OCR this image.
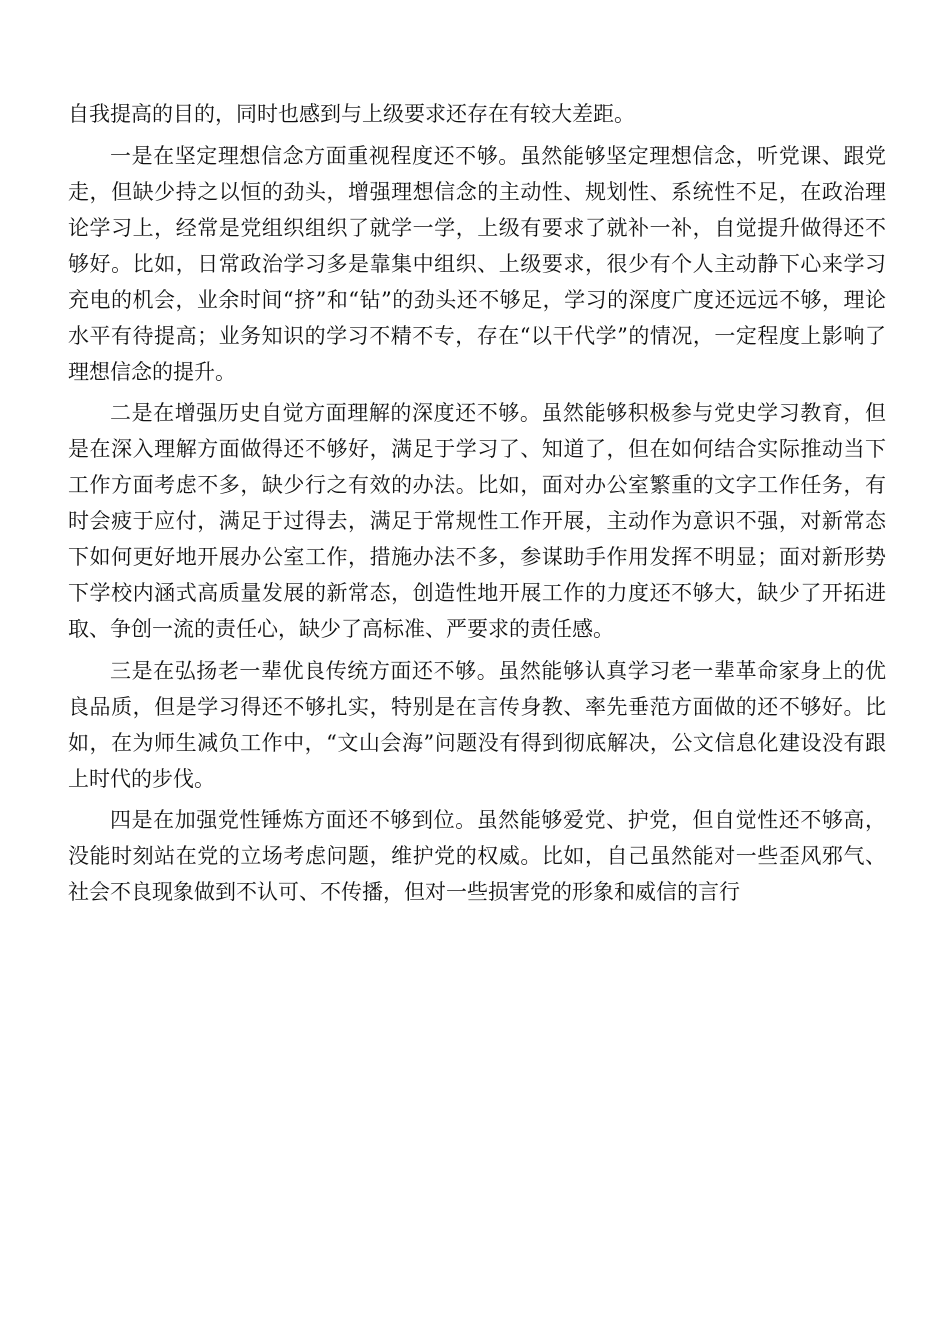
自我提高的目的，同时也感到与上级要求还存在有较大差距。

一是在坚定理想信念方面重视程度还不够。虽然能够坚定理想信念，听党课、跟党走，但缺少持之以恒的劲头，增强理想信念的主动性、规划性、系统性不足，在政治理论学习上，经常是党组织组织了就学一学，上级有要求了就补一补，自觉提升做得还不够好。比如，日常政治学习多是靠集中组织、上级要求，很少有个人主动静下心来学习充电的机会，业余时间“挤”和“钻”的劲头还不够足，学习的深度广度还远远不够，理论水平有待提高；业务知识的学习不精不专，存在“以干代学”的情况，一定程度上影响了理想信念的提升。

二是在增强历史自觉方面理解的深度还不够。虽然能够积极参与党史学习教育，但是在深入理解方面做得还不够好，满足于学习了、知道了，但在如何结合实际推动当下工作方面考虑不多，缺少行之有效的办法。比如，面对办公室繁重的文字工作任务，有时会疲于应付，满足于过得去，满足于常规性工作开展，主动作为意识不强，对新常态下如何更好地开展办公室工作，措施办法不多，参谋助手作用发挥不明显；面对新形势下学校内涵式高质量发展的新常态，创造性地开展工作的力度还不够大，缺少了开拓进取、争创一流的责任心，缺少了高标准、严要求的责任感。

三是在弘扬老一辈优良传统方面还不够。虽然能够认真学习老一辈革命家身上的优良品质，但是学习得还不够扎实，特别是在言传身教、率先垂范方面做的还不够好。比如，在为师生减负工作中，“文山会海”问题没有得到彻底解决，公文信息化建设没有跟上时代的步伐。

四是在加强党性锤炼方面还不够到位。虽然能够爱党、护党，但自觉性还不够高，没能时刻站在党的立场考虑问题，维护党的权威。比如，自己虽然能对一些歪风邪气、社会不良现象做到不认可、不传播，但对一些损害党的形象和威信的言行
